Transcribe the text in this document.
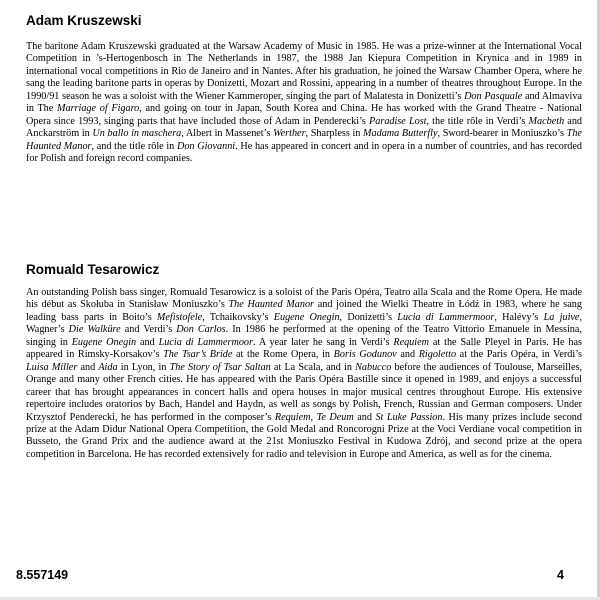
Adam Kruszewski

The baritone Adam Kruszewski graduated at the Warsaw Academy of Music in 1985. He was a prize-winner at the International Vocal Competition in ’s-Hertogenbosch in The Netherlands in 1987, the 1988 Jan Kiepura Competition in Krynica and in 1989 in international vocal competitions in Rio de Janeiro and in Nantes. After his graduation, he joined the Warsaw Chamber Opera, where he sang the leading baritone parts in operas by Donizetti, Mozart and Rossini, appearing in a number of theatres throughout Europe. In the 1990/91 season he was a soloist with the Wiener Kammeroper, singing the part of Malatesta in Donizetti’s Don Pasquale and Almaviva in The Marriage of Figaro, and going on tour in Japan, South Korea and China. He has worked with the Grand Theatre - National Opera since 1993, singing parts that have included those of Adam in Penderecki’s Paradise Lost, the title rôle in Verdi’s Macbeth and Anckarström in Un ballo in maschera, Albert in Massenet’s Werther, Sharpless in Madama Butterfly, Sword-bearer in Moniuszko’s The Haunted Manor, and the title rôle in Don Giovanni. He has appeared in concert and in opera in a number of countries, and has recorded for Polish and foreign record companies.

Romuald Tesarowicz

An outstanding Polish bass singer, Romuald Tesarowicz is a soloist of the Paris Opéra, Teatro alla Scala and the Rome Opera. He made his début as Skołuba in Stanisław Moniuszko’s The Haunted Manor and joined the Wielki Theatre in Łódź in 1983, where he sang leading bass parts in Boito’s Mefistofele, Tchaikovsky’s Eugene Onegin, Donizetti’s Lucia di Lammermoor, Halévy’s La juive, Wagner’s Die Walküre and Verdi’s Don Carlos. In 1986 he performed at the opening of the Teatro Vittorio Emanuele in Messina, singing in Eugene Onegin and Lucia di Lammermoor. A year later he sang in Verdi’s Requiem at the Salle Pleyel in Paris. He has appeared in Rimsky-Korsakov’s The Tsar’s Bride at the Rome Opera, in Boris Godunov and Rigoletto at the Paris Opéra, in Verdi’s Luisa Miller and Aida in Lyon, in The Story of Tsar Saltan at La Scala, and in Nabucco before the audiences of Toulouse, Marseilles, Orange and many other French cities. He has appeared with the Paris Opéra Bastille since it opened in 1989, and enjoys a successful career that has brought appearances in concert halls and opera houses in major musical centres throughout Europe. His extensive repertoire includes oratorios by Bach, Handel and Haydn, as well as songs by Polish, French, Russian and German composers. Under Krzysztof Penderecki, he has performed in the composer’s Requiem, Te Deum and St Luke Passion. His many prizes include second prize at the Adam Didur National Opera Competition, the Gold Medal and Roncorogni Prize at the Voci Verdiane vocal competition in Busseto, the Grand Prix and the audience award at the 21st Moniuszko Festival in Kudowa Zdrój, and second prize at the opera competition in Barcelona. He has recorded extensively for radio and television in Europe and America, as well as for the cinema.

8.557149	4
